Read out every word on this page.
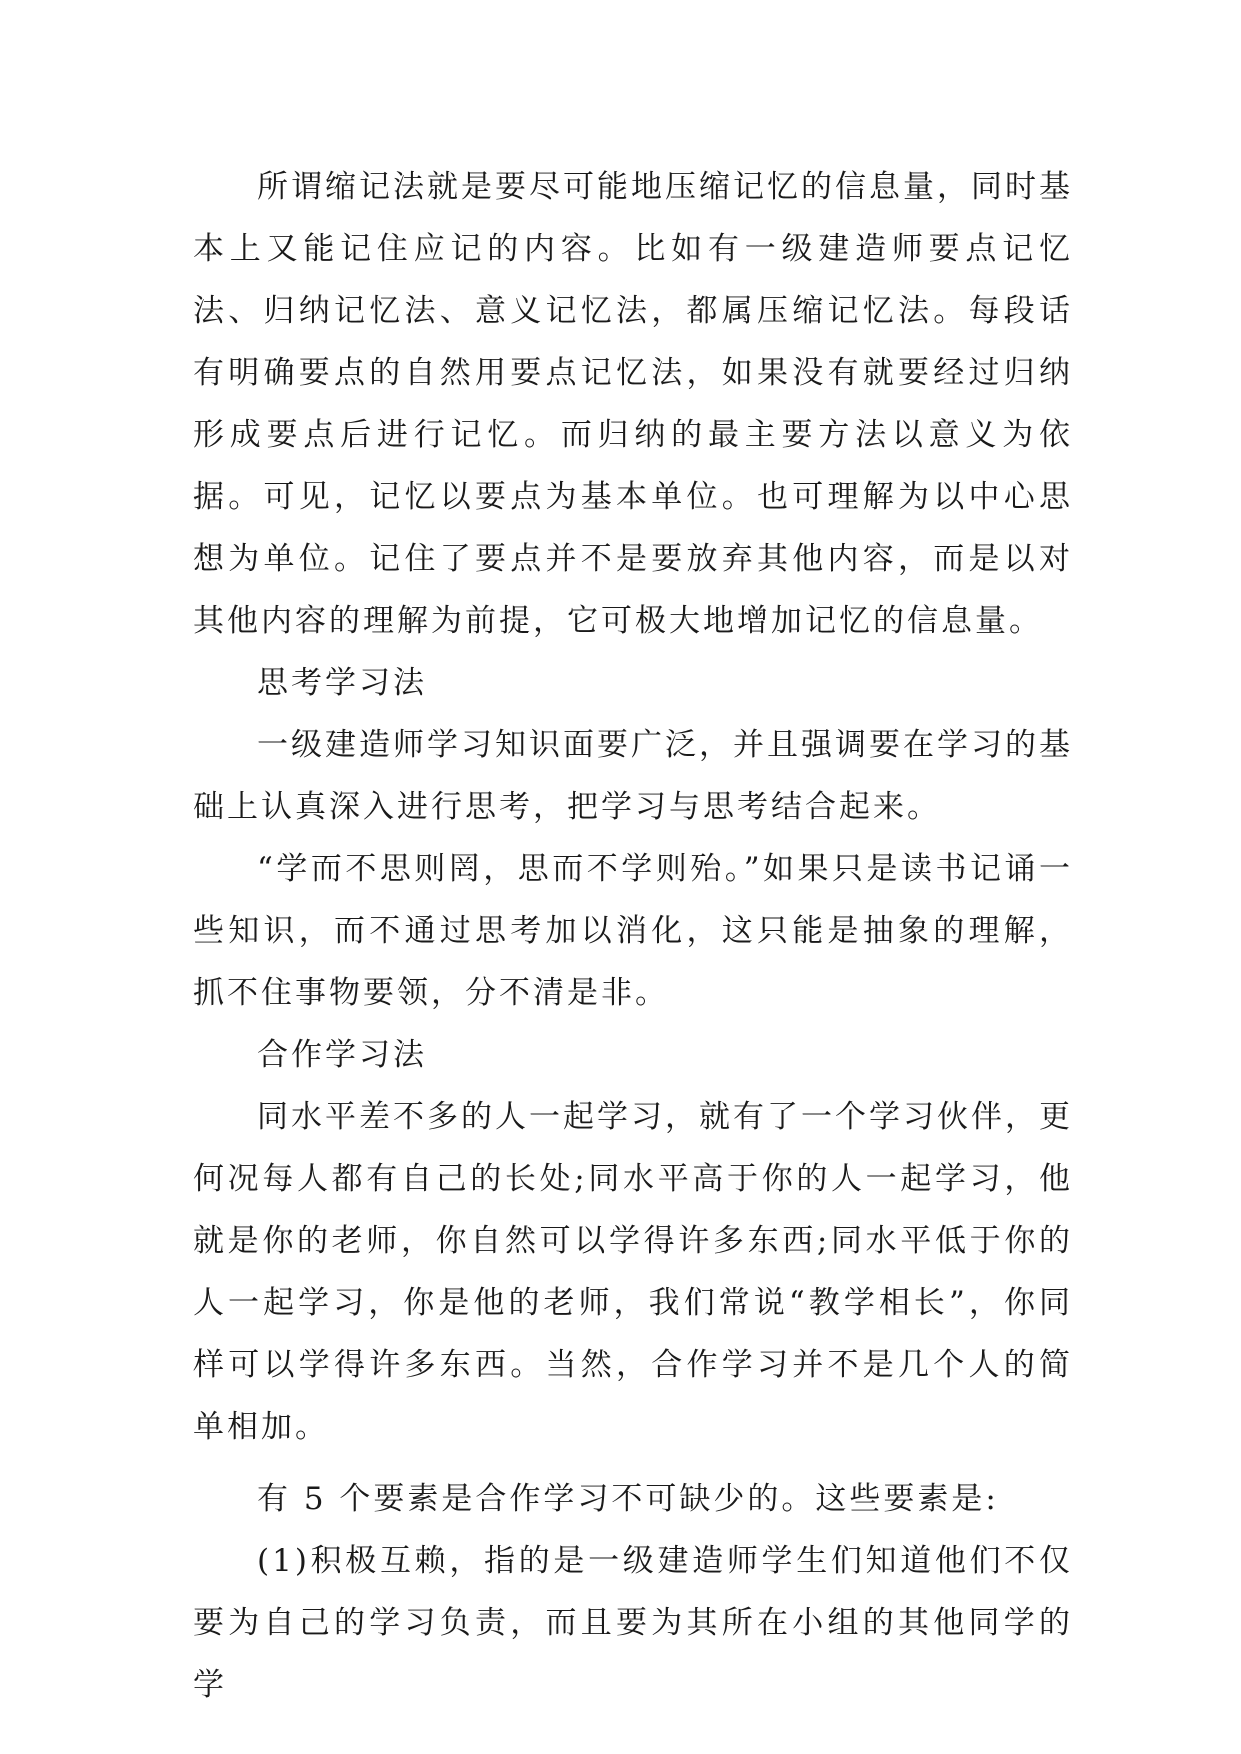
所谓缩记法就是要尽可能地压缩记忆的信息量，同时基本上又能记住应记的内容。比如有一级建造师要点记忆法、归纳记忆法、意义记忆法，都属压缩记忆法。每段话有明确要点的自然用要点记忆法，如果没有就要经过归纳形成要点后进行记忆。而归纳的最主要方法以意义为依据。可见，记忆以要点为基本单位。也可理解为以中心思想为单位。记住了要点并不是要放弃其他内容，而是以对其他内容的理解为前提，它可极大地增加记忆的信息量。

思考学习法

一级建造师学习知识面要广泛，并且强调要在学习的基础上认真深入进行思考，把学习与思考结合起来。

“学而不思则罔，思而不学则殆。”如果只是读书记诵一些知识，而不通过思考加以消化，这只能是抽象的理解，抓不住事物要领，分不清是非。

合作学习法

同水平差不多的人一起学习，就有了一个学习伙伴，更何况每人都有自己的长处;同水平高于你的人一起学习，他就是你的老师，你自然可以学得许多东西;同水平低于你的人一起学习，你是他的老师，我们常说“教学相长”，你同样可以学得许多东西。当然，合作学习并不是几个人的简单相加。

有 5 个要素是合作学习不可缺少的。这些要素是:

(1)积极互赖，指的是一级建造师学生们知道他们不仅要为自己的学习负责，而且要为其所在小组的其他同学的学
